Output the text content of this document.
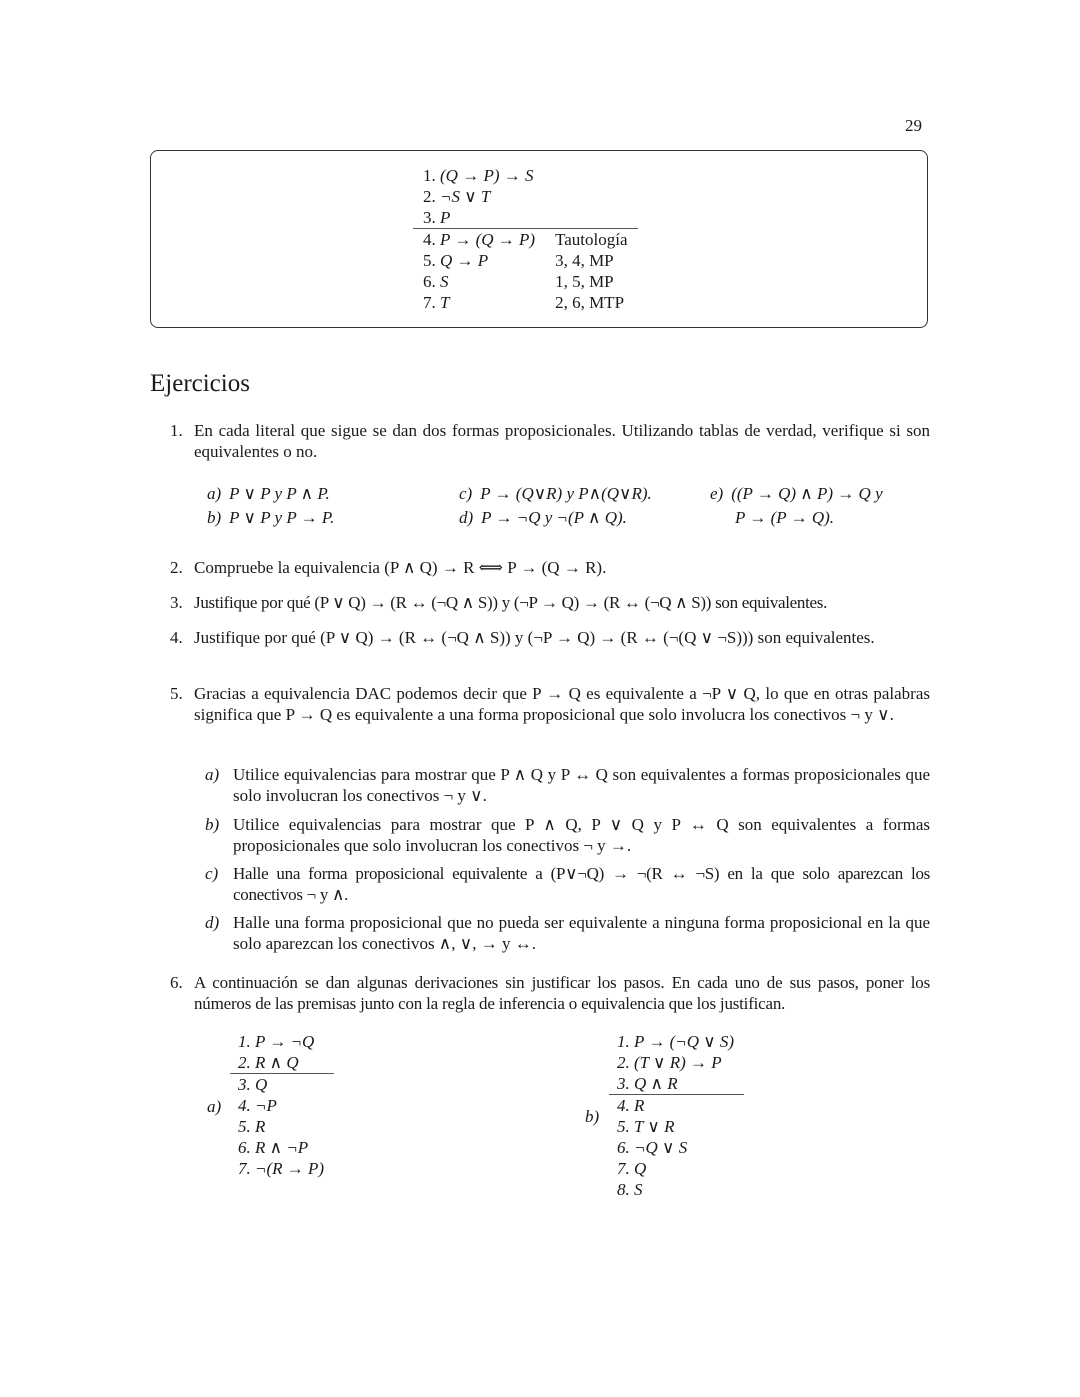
29
1. (Q → P) → S	
2. ¬S ∨ T	
3. P	
4. P → (Q → P)	Tautología
5. Q → P	3, 4, MP
6. S	1, 5, MP
7. T	2, 6, MTP
Ejercicios
1. En cada literal que sigue se dan dos formas proposicionales. Utilizando tablas de verdad, verifique si son equivalentes o no.
a) P ∨ P y P ∧ P.
b) P ∨ P y P → P.
c) P → (Q∨R) y P∧(Q∨R).
d) P → ¬Q y ¬(P ∧ Q).
e) ((P → Q) ∧ P) → Q y
P → (P → Q).
2. Compruebe la equivalencia (P ∧ Q) → R ⟺ P → (Q → R).
3. Justifique por qué (P ∨ Q) → (R ↔ (¬Q ∧ S)) y (¬P → Q) → (R ↔ (¬Q ∧ S)) son equivalentes.
4. Justifique por qué (P ∨ Q) → (R ↔ (¬Q ∧ S)) y (¬P → Q) → (R ↔ (¬(Q ∨ ¬S))) son equivalentes.
5. Gracias a equivalencia DAC podemos decir que P → Q es equivalente a ¬P ∨ Q, lo que en otras palabras significa que P → Q es equivalente a una forma proposicional que solo involucra los conectivos ¬ y ∨.
a) Utilice equivalencias para mostrar que P ∧ Q y P ↔ Q son equivalentes a formas proposicionales que solo involucran los conectivos ¬ y ∨.
b) Utilice equivalencias para mostrar que P ∧ Q, P ∨ Q y P ↔ Q son equivalentes a formas proposicionales que solo involucran los conectivos ¬ y →.
c) Halle una forma proposicional equivalente a (P∨¬Q) → ¬(R ↔ ¬S) en la que solo aparezcan los conectivos ¬ y ∧.
d) Halle una forma proposicional que no pueda ser equivalente a ninguna forma proposicional en la que solo aparezcan los conectivos ∧, ∨, → y ↔.
6. A continuación se dan algunas derivaciones sin justificar los pasos. En cada uno de sus pasos, poner los números de las premisas junto con la regla de inferencia o equivalencia que los justifican.
a)
1. P → ¬Q
2. R ∧ Q
3. Q
4. ¬P
5. R
6. R ∧ ¬P
7. ¬(R → P)
b)
1. P → (¬Q ∨ S)
2. (T ∨ R) → P
3. Q ∧ R
4. R
5. T ∨ R
6. ¬Q ∨ S
7. Q
8. S
